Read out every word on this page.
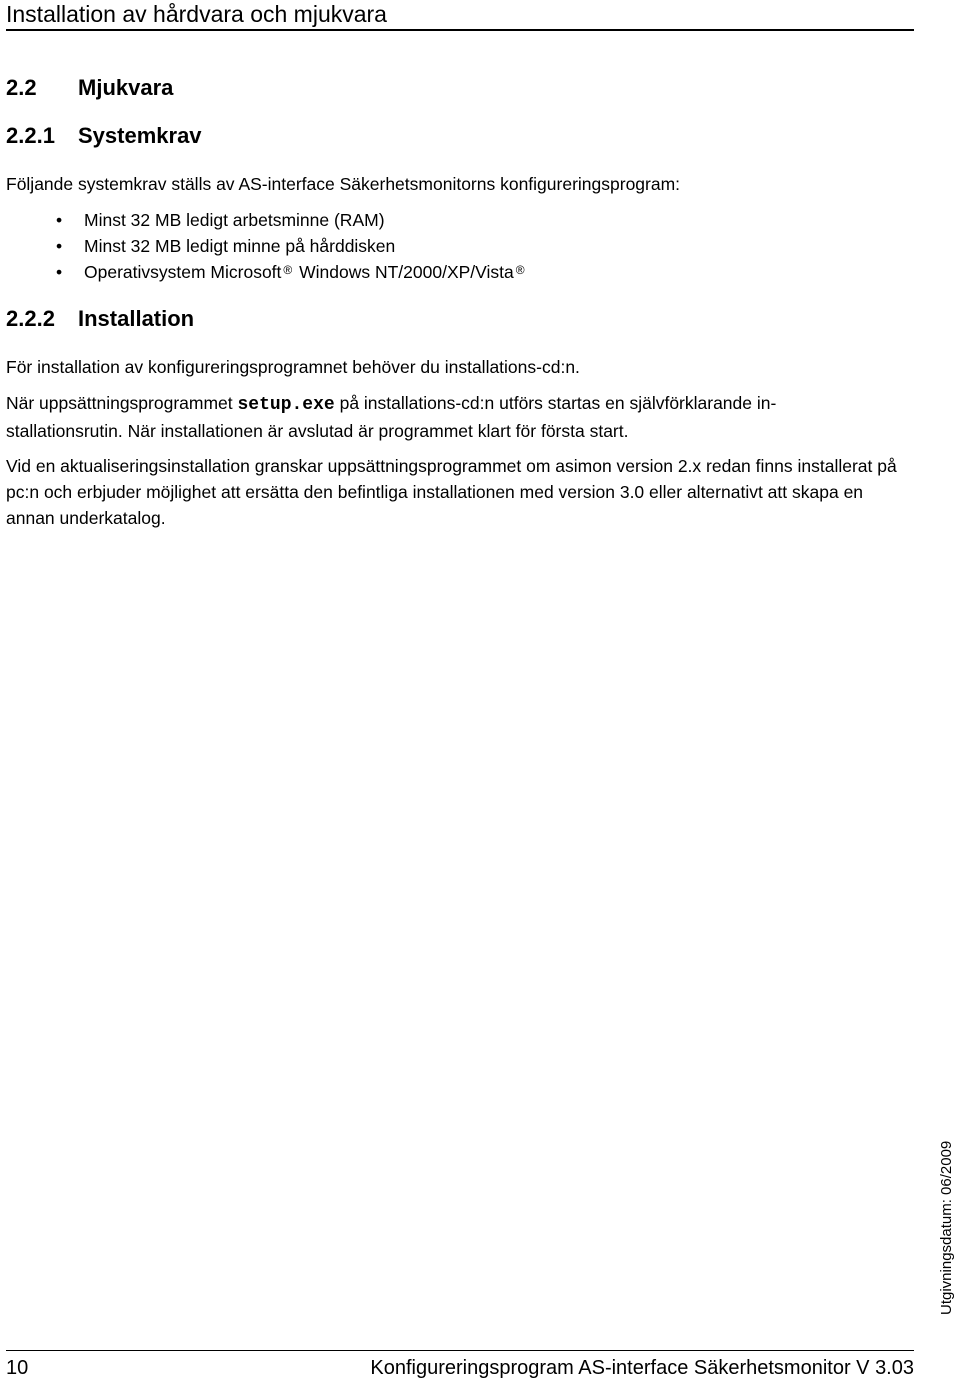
Installation av hårdvara och mjukvara
2.2 Mjukvara
2.2.1 Systemkrav
Följande systemkrav ställs av AS-interface Säkerhetsmonitorns konfigureringsprogram:
• Minst 32 MB ledigt arbetsminne (RAM)
• Minst 32 MB ledigt minne på hårddisken
• Operativsystem Microsoft ® Windows NT/2000/XP/Vista ®
2.2.2 Installation
För installation av konfigureringsprogramnet behöver du installations-cd:n.
När uppsättningsprogrammet setup.exe på installations-cd:n utförs startas en självförklarande in-
stallationsrutin. När installationen är avslutad är programmet klart för första start.
Vid en aktualiseringsinstallation granskar uppsättningsprogrammet om asimon version 2.x redan finns installerat på pc:n och erbjuder möjlighet att ersätta den befintliga installationen med version 3.0 eller alternativt att skapa en annan underkatalog.
Utgivningsdatum: 06/2009
10	Konfigureringsprogram AS-interface Säkerhetsmonitor V 3.03
